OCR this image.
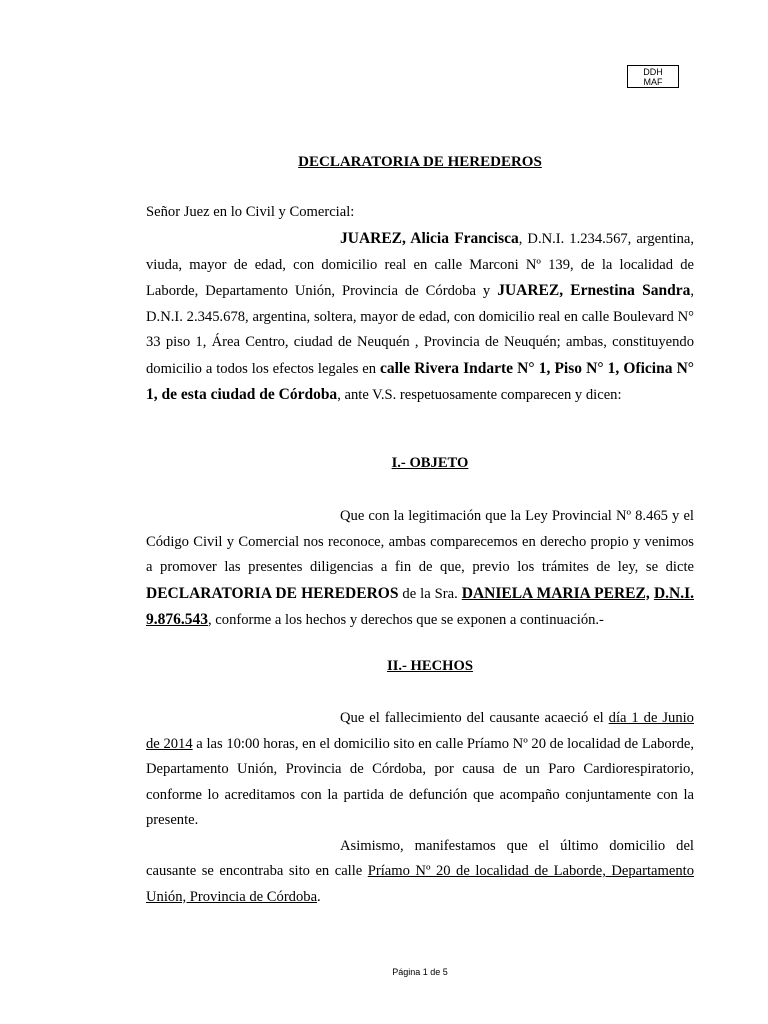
DDH
MAF
DECLARATORIA DE HEREDEROS

Señor Juez en lo Civil y Comercial:

JUAREZ, Alicia Francisca, D.N.I. 1.234.567, argentina, viuda, mayor de edad, con domicilio real en calle Marconi Nº 139, de la localidad de Laborde, Departamento Unión, Provincia de Córdoba y JUAREZ, Ernestina Sandra, D.N.I. 2.345.678, argentina, soltera, mayor de edad, con domicilio real en calle Boulevard N° 33 piso 1, Área Centro, ciudad de Neuquén , Provincia de Neuquén; ambas, constituyendo domicilio a todos los efectos legales en calle Rivera Indarte N° 1, Piso N° 1, Oficina N° 1, de esta ciudad de Córdoba, ante V.S. respetuosamente comparecen y dicen:

I.- OBJETO

Que con la legitimación que la Ley Provincial Nº 8.465 y el Código Civil y Comercial nos reconoce, ambas comparecemos en derecho propio y venimos a promover las presentes diligencias a fin de que, previo los trámites de ley, se dicte DECLARATORIA DE HEREDEROS de la Sra. DANIELA MARIA PEREZ, D.N.I. 9.876.543, conforme a los hechos y derechos que se exponen a continuación.-

II.- HECHOS

Que el fallecimiento del causante acaeció el día 1 de Junio de 2014 a las 10:00 horas, en el domicilio sito en calle Príamo Nº 20 de localidad de Laborde, Departamento Unión, Provincia de Córdoba, por causa de un Paro Cardiorespiratorio, conforme lo acreditamos con la partida de defunción que acompaño conjuntamente con la presente.

Asimismo, manifestamos que el último domicilio del causante se encontraba sito en calle Príamo Nº 20 de localidad de Laborde, Departamento Unión, Provincia de Córdoba.

Página 1 de 5
